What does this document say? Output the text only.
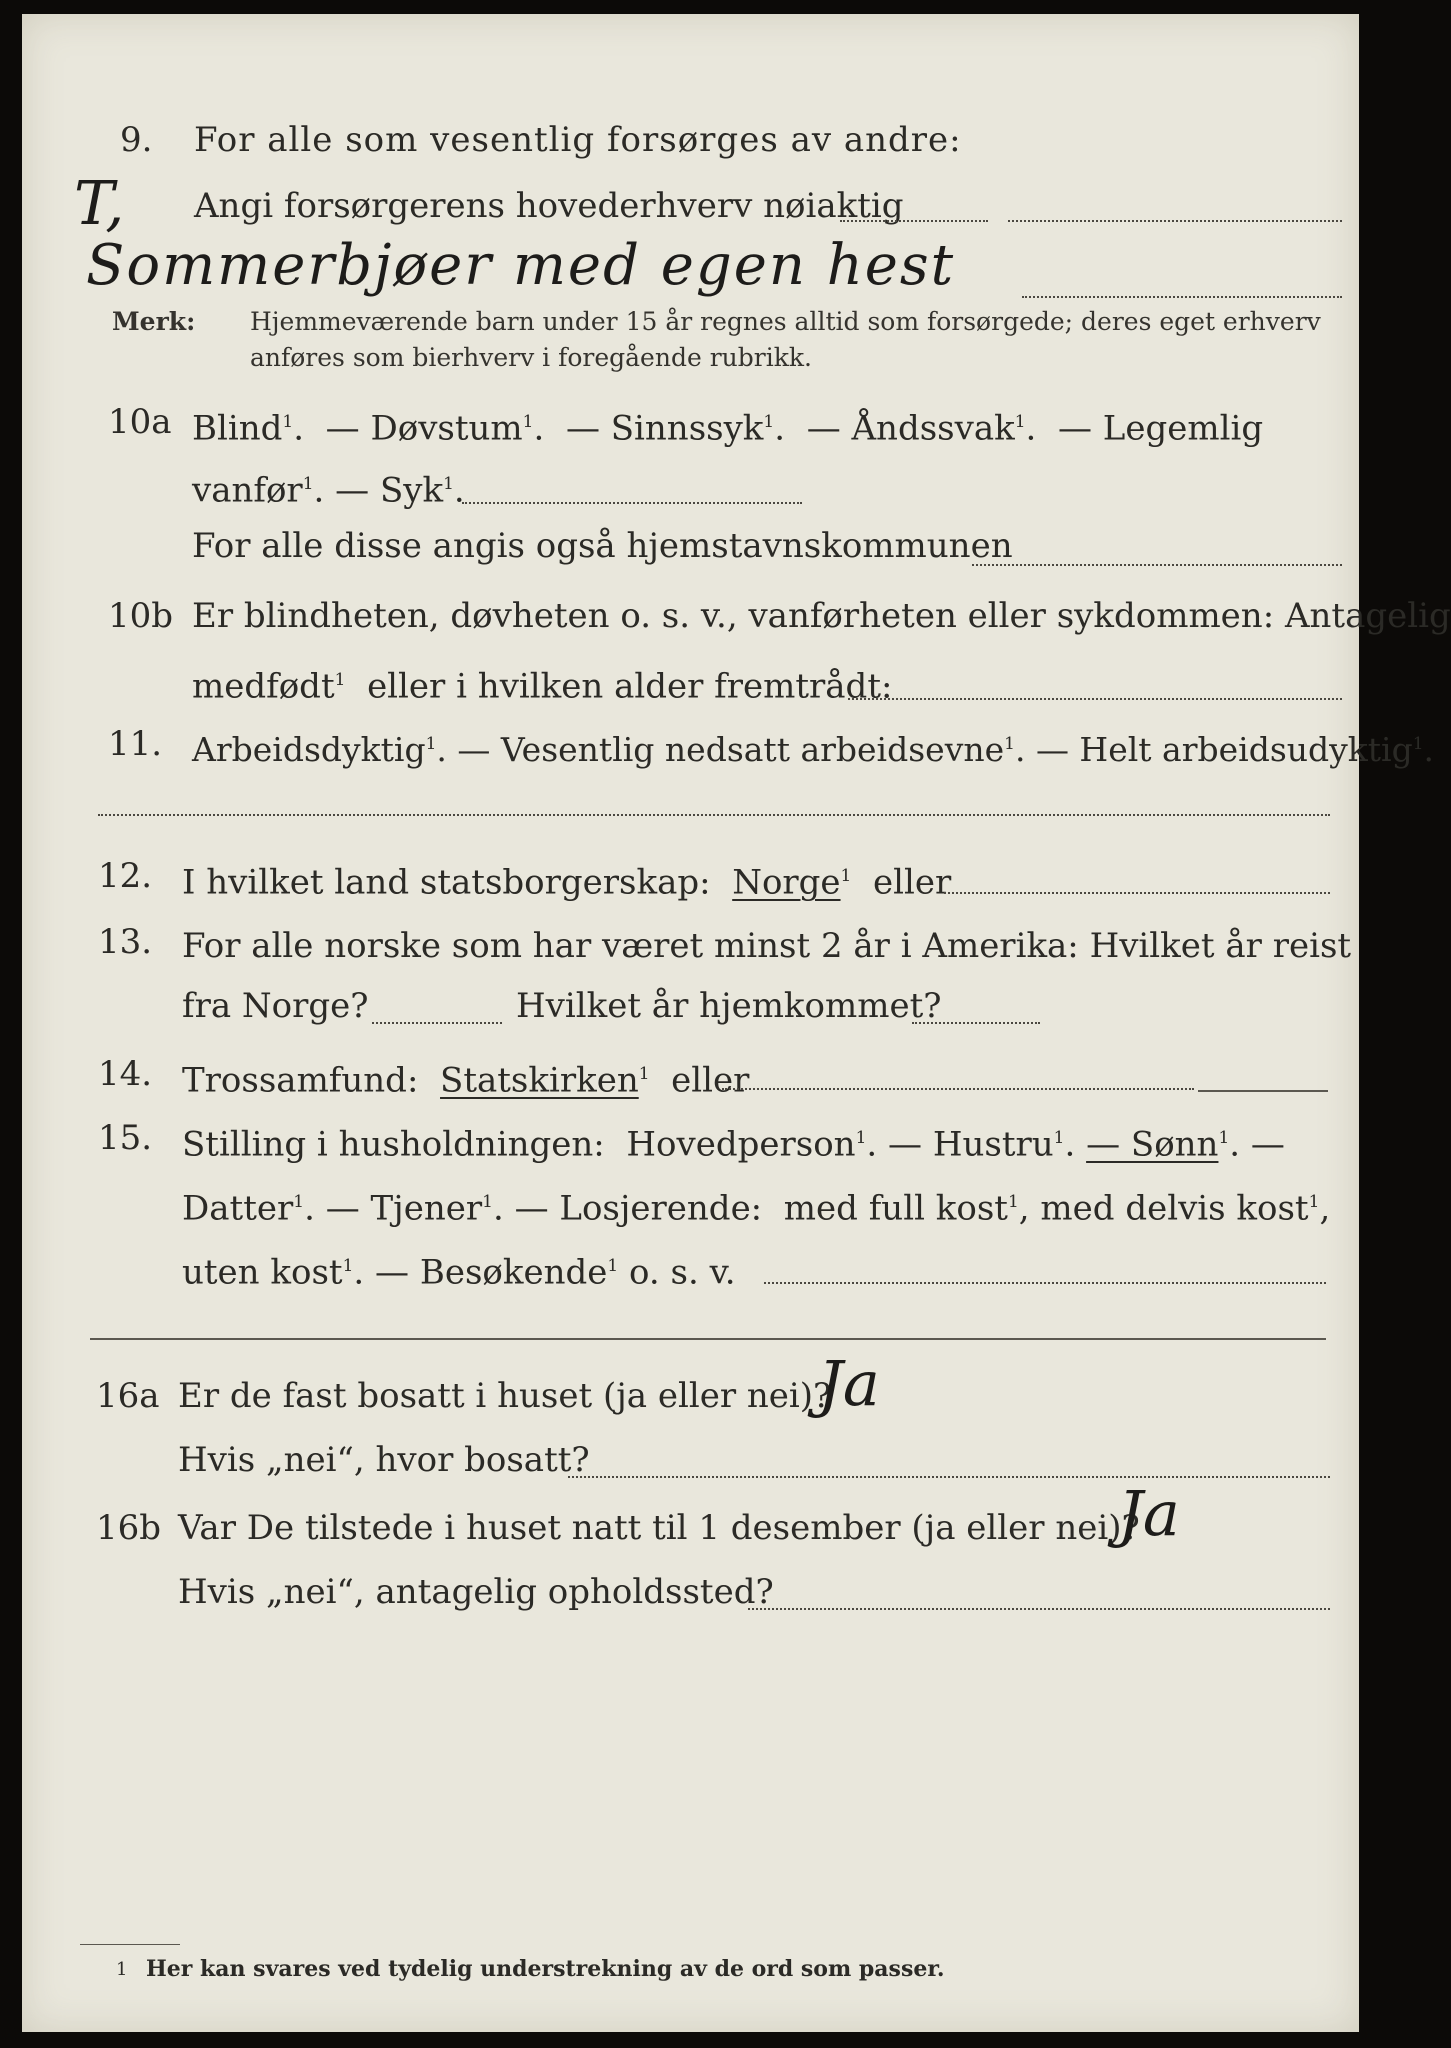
9. For alle som vesentlig forsørges av andre:
T, Angi forsørgerens hovederhverv nøiaktig
Sommerbjøer med egen hest
Merk: Hjemmeværende barn under 15 år regnes alltid som forsørgede; deres eget erhverv
anføres som bierhverv i foregående rubrikk.
10a Blind$^1$.  — Døvstum$^1$.  — Sinnssyk$^1$.  — Åndssvak$^1$.  — Legemlig
vanfør$^1$. — Syk$^1$.
For alle disse angis også hjemstavnskommunen
10b Er blindheten, døvheten o. s. v., vanførheten eller sykdommen: Antagelig
medfødt$^1$ eller i hvilken alder fremtrådt:
11. Arbeidsdyktig$^1$. — Vesentlig nedsatt arbeidsevne$^1$. — Helt arbeidsudyktig$^1$.
12. I hvilket land statsborgerskap: Norge$^1$ eller
13. For alle norske som har været minst 2 år i Amerika: Hvilket år reist
fra Norge?	Hvilket år hjemkommet?
14. Trossamfund: Statskirken$^1$ eller
15. Stilling i husholdningen: Hovedperson$^1$. — Hustru$^1$. — Sønn$^1$. —
Datter$^1$. — Tjener$^1$. — Losjerende: med full kost$^1$, med delvis kost$^1$,
uten kost$^1$. — Besøkende$^1$ o. s. v.
16a Er de fast bosatt i huset (ja eller nei)?
Ja
Hvis „nei“, hvor bosatt?
16b Var De tilstede i huset natt til 1 desember (ja eller nei)?
Ja
Hvis „nei“, antagelig opholdssted?
1 Her kan svares ved tydelig understrekning av de ord som passer.
